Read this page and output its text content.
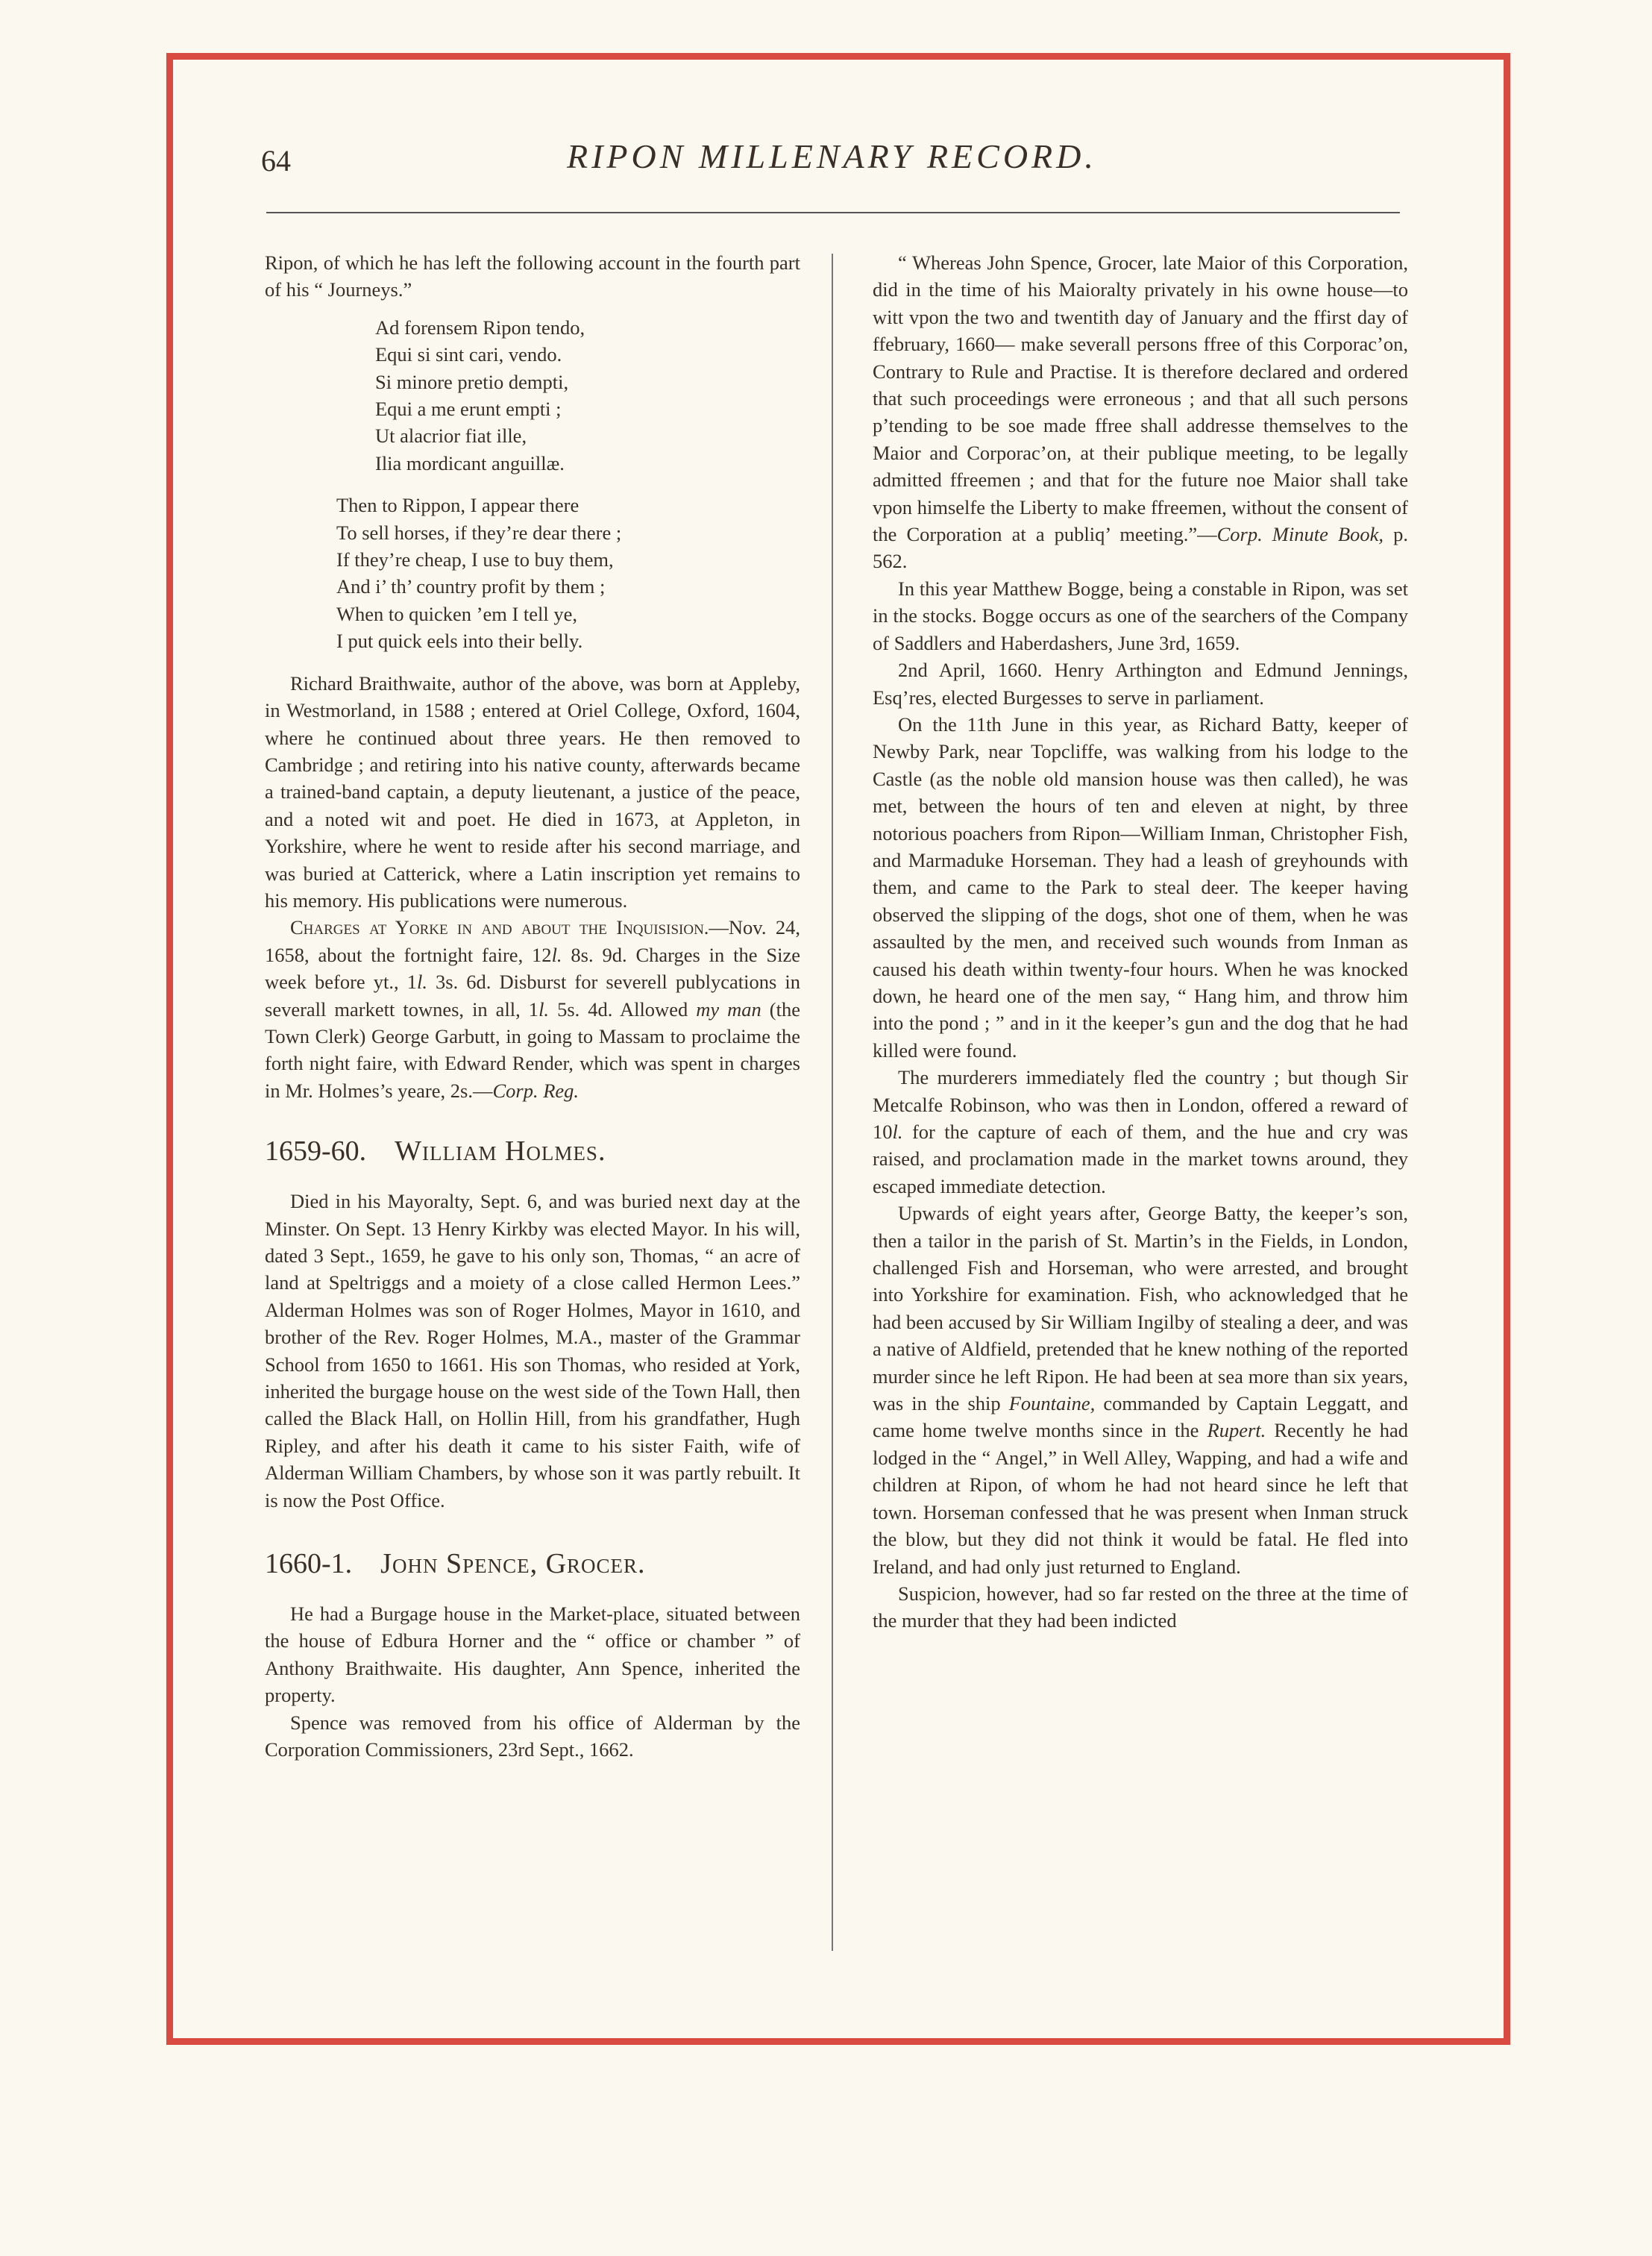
64	RIPON MILLENARY RECORD.

Ripon, of which he has left the following account in the fourth part of his “ Journeys.”

Ad forensem Ripon tendo,
Equi si sint cari, vendo.
Si minore pretio dempti,
Equi a me erunt empti ;
Ut alacrior fiat ille,
Ilia mordicant anguillæ.
Then to Rippon, I appear there
To sell horses, if they’re dear there ;
If they’re cheap, I use to buy them,
And i’ th’ country profit by them ;
When to quicken ’em I tell ye,
I put quick eels into their belly.

Richard Braithwaite, author of the above, was born at Appleby, in Westmorland, in 1588 ; entered at Oriel College, Oxford, 1604, where he continued about three years. He then removed to Cambridge ; and retiring into his native county, afterwards became a trained-band captain, a deputy lieutenant, a justice of the peace, and a noted wit and poet. He died in 1673, at Appleton, in Yorkshire, where he went to reside after his second marriage, and was buried at Catterick, where a Latin inscription yet remains to his memory. His publications were numerous.

Charges at Yorke in and about the Inquisision.—Nov. 24, 1658, about the fortnight faire, 12l. 8s. 9d. Charges in the Size week before yt., 1l. 3s. 6d. Disburst for severell publycations in severall markett townes, in all, 1l. 5s. 4d. Allowed my man (the Town Clerk) George Garbutt, in going to Massam to proclaime the forth night faire, with Edward Render, which was spent in charges in Mr. Holmes’s yeare, 2s.—Corp. Reg.

1659-60. William Holmes.

Died in his Mayoralty, Sept. 6, and was buried next day at the Minster. On Sept. 13 Henry Kirkby was elected Mayor. In his will, dated 3 Sept., 1659, he gave to his only son, Thomas, “ an acre of land at Speltriggs and a moiety of a close called Hermon Lees.” Alderman Holmes was son of Roger Holmes, Mayor in 1610, and brother of the Rev. Roger Holmes, M.A., master of the Grammar School from 1650 to 1661. His son Thomas, who resided at York, inherited the burgage house on the west side of the Town Hall, then called the Black Hall, on Hollin Hill, from his grandfather, Hugh Ripley, and after his death it came to his sister Faith, wife of Alderman William Chambers, by whose son it was partly rebuilt. It is now the Post Office.

1660-1. John Spence, Grocer.

He had a Burgage house in the Market-place, situated between the house of Edbura Horner and the “ office or chamber ” of Anthony Braithwaite. His daughter, Ann Spence, inherited the property.

Spence was removed from his office of Alderman by the Corporation Commissioners, 23rd Sept., 1662.

“ Whereas John Spence, Grocer, late Maior of this Corporation, did in the time of his Maioralty privately in his owne house—to witt vpon the two and twentith day of January and the ffirst day of ffebruary, 1660— make severall persons ffree of this Corporac’on, Contrary to Rule and Practise. It is therefore declared and ordered that such proceedings were erroneous ; and that all such persons p’tending to be soe made ffree shall addresse themselves to the Maior and Corporac’on, at their publique meeting, to be legally admitted ffreemen ; and that for the future noe Maior shall take vpon himselfe the Liberty to make ffreemen, without the consent of the Corporation at a publiq’ meeting.”—Corp. Minute Book, p. 562.

In this year Matthew Bogge, being a constable in Ripon, was set in the stocks. Bogge occurs as one of the searchers of the Company of Saddlers and Haberdashers, June 3rd, 1659.

2nd April, 1660. Henry Arthington and Edmund Jennings, Esq’res, elected Burgesses to serve in parliament.

On the 11th June in this year, as Richard Batty, keeper of Newby Park, near Topcliffe, was walking from his lodge to the Castle (as the noble old mansion house was then called), he was met, between the hours of ten and eleven at night, by three notorious poachers from Ripon—William Inman, Christopher Fish, and Marmaduke Horseman. They had a leash of greyhounds with them, and came to the Park to steal deer. The keeper having observed the slipping of the dogs, shot one of them, when he was assaulted by the men, and received such wounds from Inman as caused his death within twenty-four hours. When he was knocked down, he heard one of the men say, “ Hang him, and throw him into the pond ; ” and in it the keeper’s gun and the dog that he had killed were found.

The murderers immediately fled the country ; but though Sir Metcalfe Robinson, who was then in London, offered a reward of 10l. for the capture of each of them, and the hue and cry was raised, and proclamation made in the market towns around, they escaped immediate detection.

Upwards of eight years after, George Batty, the keeper’s son, then a tailor in the parish of St. Martin’s in the Fields, in London, challenged Fish and Horseman, who were arrested, and brought into Yorkshire for examination. Fish, who acknowledged that he had been accused by Sir William Ingilby of stealing a deer, and was a native of Aldfield, pretended that he knew nothing of the reported murder since he left Ripon. He had been at sea more than six years, was in the ship Fountaine, commanded by Captain Leggatt, and came home twelve months since in the Rupert. Recently he had lodged in the “ Angel,” in Well Alley, Wapping, and had a wife and children at Ripon, of whom he had not heard since he left that town. Horseman confessed that he was present when Inman struck the blow, but they did not think it would be fatal. He fled into Ireland, and had only just returned to England.

Suspicion, however, had so far rested on the three at the time of the murder that they had been indicted
